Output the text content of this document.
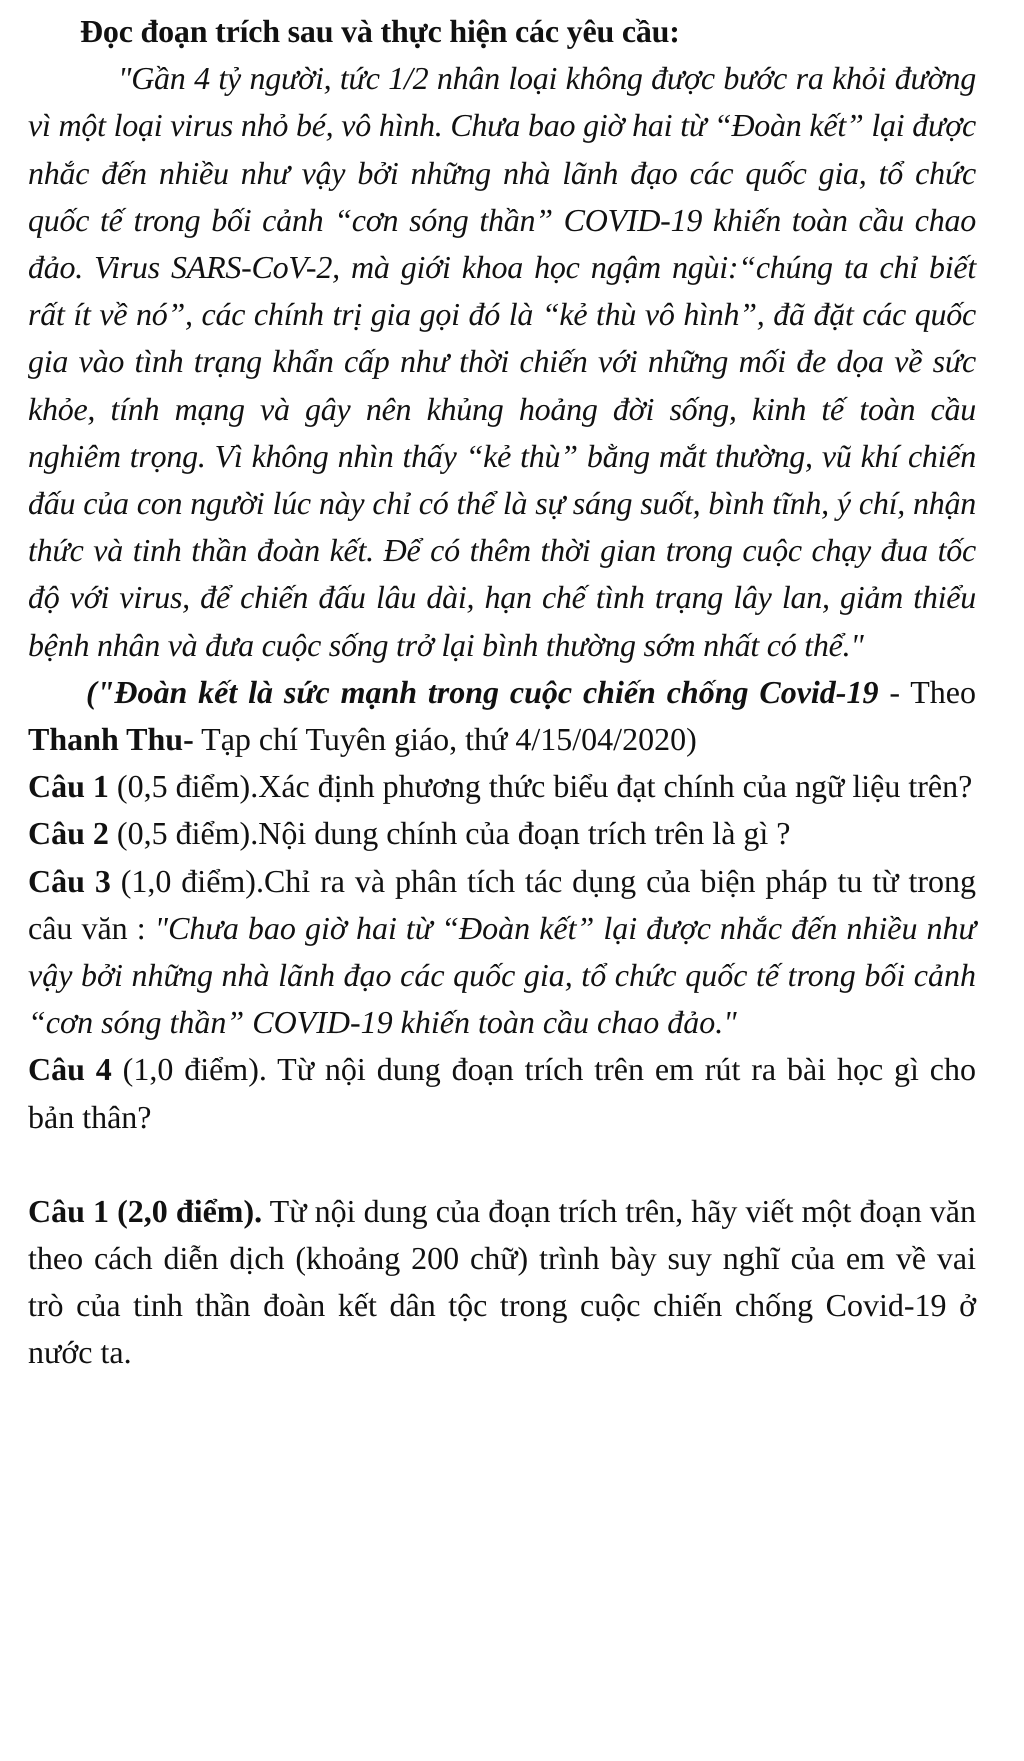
Đọc đoạn trích sau và thực hiện các yêu cầu:

"Gần 4 tỷ người, tức 1/2 nhân loại không được bước ra khỏi đường vì một loại virus nhỏ bé, vô hình. Chưa bao giờ hai từ “Đoàn kết” lại được nhắc đến nhiều như vậy bởi những nhà lãnh đạo các quốc gia, tổ chức quốc tế trong bối cảnh “cơn sóng thần” COVID-19 khiến toàn cầu chao đảo. Virus SARS-CoV-2, mà giới khoa học ngậm ngùi:“chúng ta chỉ biết rất ít về nó”, các chính trị gia gọi đó là “kẻ thù vô hình”, đã đặt các quốc gia vào tình trạng khẩn cấp như thời chiến với những mối đe dọa về sức khỏe, tính mạng và gây nên khủng hoảng đời sống, kinh tế toàn cầu nghiêm trọng. Vì không nhìn thấy “kẻ thù” bằng mắt thường, vũ khí chiến đấu của con người lúc này chỉ có thể là sự sáng suốt, bình tĩnh, ý chí, nhận thức và tinh thần đoàn kết. Để có thêm thời gian trong cuộc chạy đua tốc độ với virus, để chiến đấu lâu dài, hạn chế tình trạng lây lan, giảm thiểu bệnh nhân và đưa cuộc sống trở lại bình thường sớm nhất có thể."

("Đoàn kết là sức mạnh trong cuộc chiến chống Covid-19 - Theo Thanh Thu- Tạp chí Tuyên giáo, thứ 4/15/04/2020)

Câu 1 (0,5 điểm).Xác định phương thức biểu đạt chính của ngữ liệu trên?

Câu 2 (0,5 điểm).Nội dung chính của đoạn trích trên là gì ?

Câu 3 (1,0 điểm).Chỉ ra và phân tích tác dụng của biện pháp tu từ trong câu văn : "Chưa bao giờ hai từ “Đoàn kết” lại được nhắc đến nhiều như vậy bởi những nhà lãnh đạo các quốc gia, tổ chức quốc tế trong bối cảnh “cơn sóng thần” COVID-19 khiến toàn cầu chao đảo."

Câu 4 (1,0 điểm). Từ nội dung đoạn trích trên em rút ra bài học gì cho bản thân?

Câu 1 (2,0 điểm). Từ nội dung của đoạn trích trên, hãy viết một đoạn văn theo cách diễn dịch (khoảng 200 chữ) trình bày suy nghĩ của em về vai trò của tinh thần đoàn kết dân tộc trong cuộc chiến chống Covid-19 ở nước ta.
